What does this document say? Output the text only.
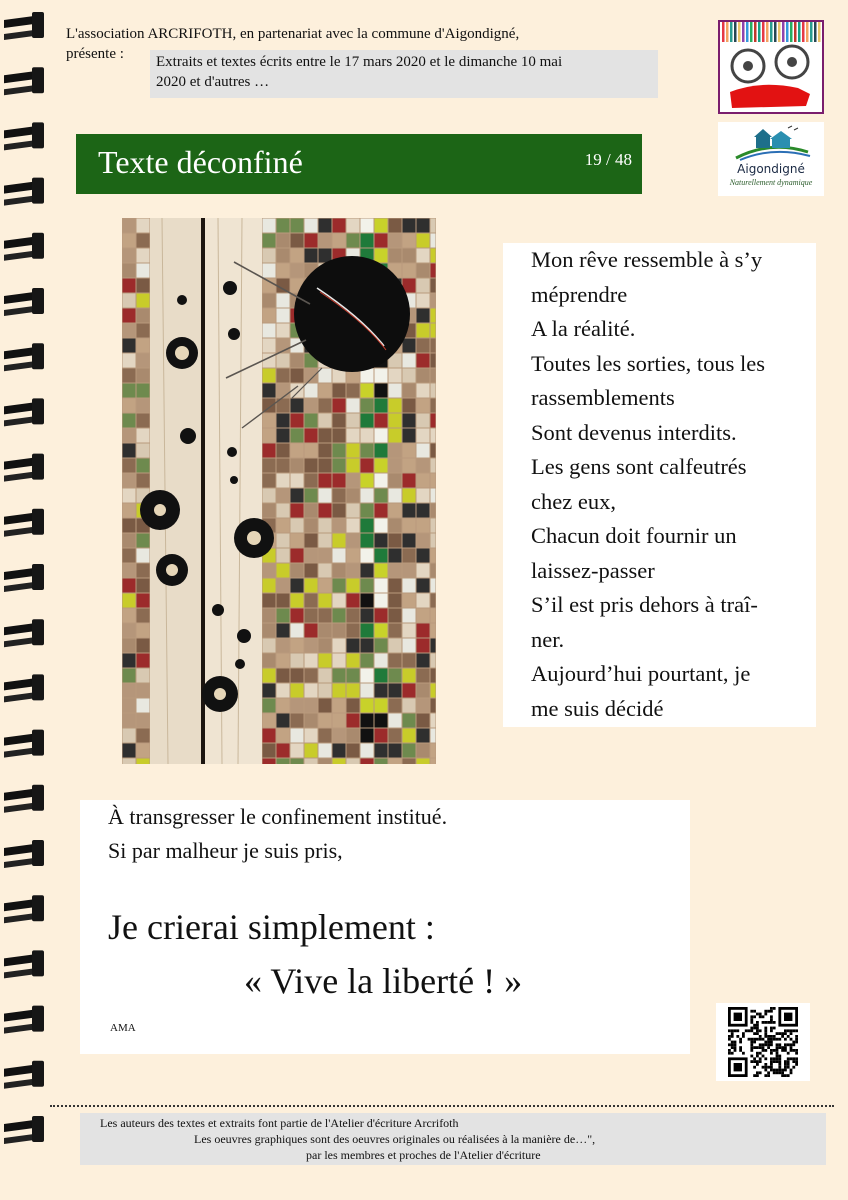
L'association ARCRIFOTH, en partenariat avec la commune d'Aigondigné,
présente :	Extraits et textes écrits entre le 17 mars 2020 et le dimanche 10 mai
2020 et d'autres …
Aigondigné
Naturellement dynamique
Texte déconfiné	19 / 48
Mon rêve ressemble à s’y
méprendre
A la réalité.
Toutes les sorties, tous les
rassemblements
Sont devenus interdits.
Les gens sont calfeutrés
chez eux,
Chacun doit fournir un
laissez-passer
S’il est pris dehors à traî-
ner.
Aujourd’hui pourtant, je
me suis décidé
À transgresser le confinement institué.
Si par malheur je suis pris,
Je crierai simplement :
« Vive la liberté ! »
AMA
Les auteurs des textes et extraits font partie de l'Atelier d'écriture Arcrifoth
Les oeuvres graphiques sont des oeuvres originales ou réalisées à la manière de…",
par les membres et proches de l'Atelier d'écriture
